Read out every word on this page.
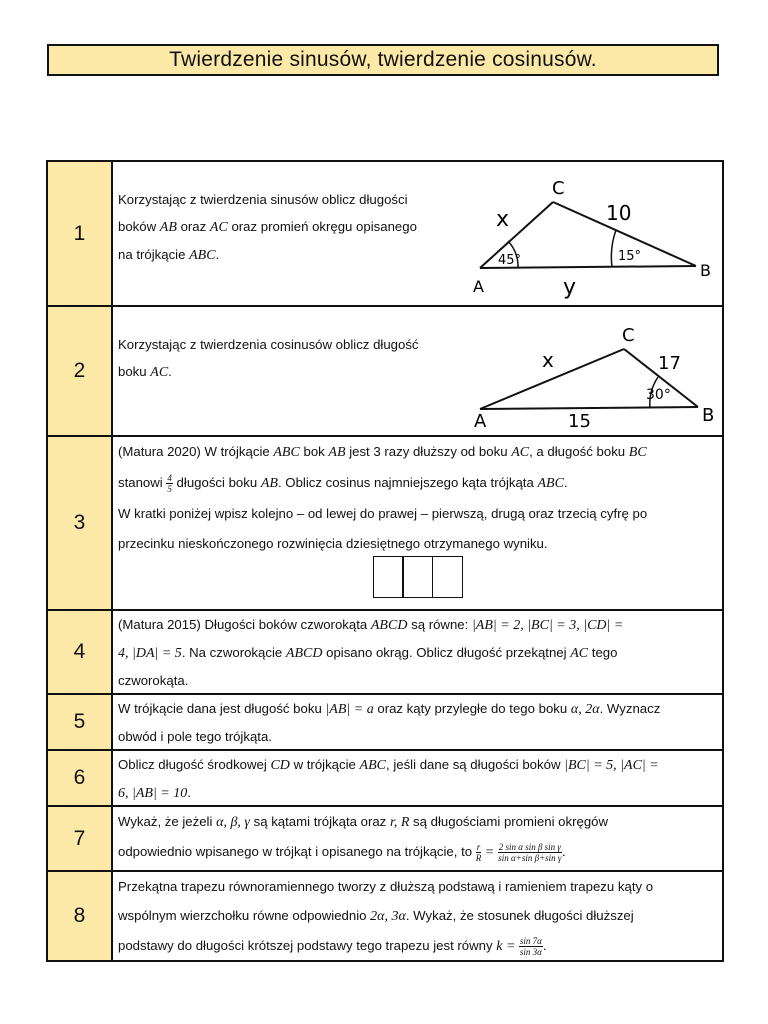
Twierdzenie sinusów, twierdzenie cosinusów.
1
Korzystając z twierdzenia sinusów oblicz długości
boków AB oraz AC oraz promień okręgu opisanego
na trójkącie ABC.
A
B
C
x
y
10
45°	15°
2
Korzystając z twierdzenia cosinusów oblicz długość
boku AC.
A	B
C
x	17
15
30°
3
(Matura 2020) W trójkącie ABC bok AB jest 3 razy dłuższy od boku AC, a długość boku BC
stanowi $\frac{4}{5}$ długości boku AB. Oblicz cosinus najmniejszego kąta trójkąta ABC.
W kratki poniżej wpisz kolejno – od lewej do prawej – pierwszą, drugą oraz trzecią cyfrę po
przecinku nieskończonego rozwinięcia dziesiętnego otrzymanego wyniku.
4
(Matura 2015) Długości boków czworokąta ABCD są równe: |AB| = 2, |BC| = 3, |CD| =
4, |DA| = 5. Na czworokącie ABCD opisano okrąg. Oblicz długość przekątnej AC tego
czworokąta.
5
W trójkącie dana jest długość boku |AB| = a oraz kąty przyległe do tego boku α, 2α. Wyznacz
obwód i pole tego trójkąta.
6
Oblicz długość środkowej CD w trójkącie ABC, jeśli dane są długości boków |BC| = 5, |AC| =
6, |AB| = 10.
7
Wykaż, że jeżeli α, β, γ są kątami trójkąta oraz r, R są długościami promieni okręgów
odpowiednio wpisanego w trójkąt i opisanego na trójkącie, to $\frac{r}{R} = \frac{\text{2 sin α sin β sin γ}}{\text{sin α+sin β+sin γ}}$ .
8
Przekątna trapezu równoramiennego tworzy z dłuższą podstawą i ramieniem trapezu kąty o
wspólnym wierzchołku równe odpowiednio 2α, 3α. Wykaż, że stosunek długości dłuższej
podstawy do długości krótszej podstawy tego trapezu jest równy $k = \frac{\sin 7\alpha}{\sin 3\alpha}$ .
